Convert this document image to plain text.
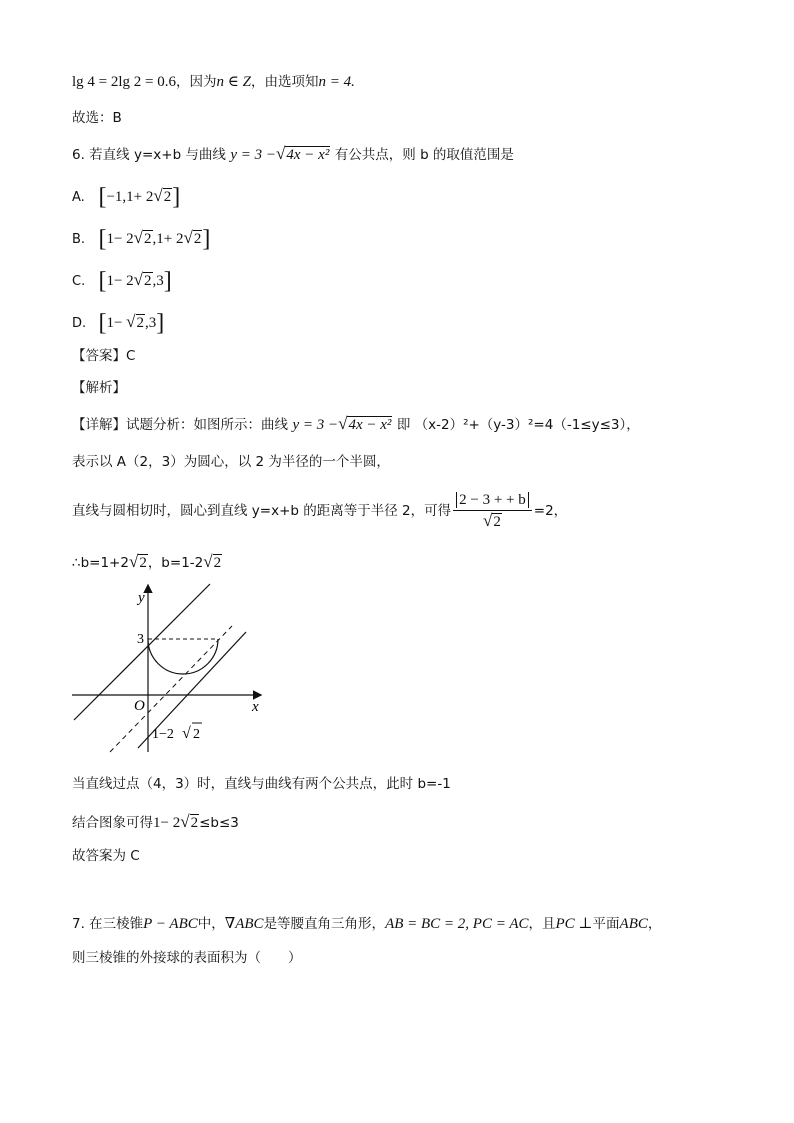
lg 4 = 2lg 2 = 0.6，因为n ∈ Z，由选项知n = 4.
故选：B
6. 若直线 y=x+b 与曲线 y = 3 −√4x − x² 有公共点，则 b 的取值范围是
A. [−1,1+ 2√2]
B. [1− 2√2,1+ 2√2]
C. [1− 2√2,3]
D. [1− √2,3]
【答案】C
【解析】
【详解】试题分析：如图所示：曲线 y = 3 −√4x − x² 即 （x-2）²+（y-3）²=4（-1≤y≤3），
表示以 A（2，3）为圆心，以 2 为半径的一个半圆，
直线与圆相切时，圆心到直线 y=x+b 的距离等于半径 2，可得 $\frac{2 - 3 + + b}{√2} =2$，
∴b=1+2√2，b=1-2√2
y
x
O
3
1−2 √ 2
当直线过点（4，3）时，直线与曲线有两个公共点，此时 b=-1
结合图象可得1− 2√2≤b≤3
故答案为 C
7. 在三棱锥P − ABC中，∇ABC是等腰直角三角形，AB = BC = 2, PC = AC，且PC ⊥平面ABC，
则三棱锥的外接球的表面积为（　　）
